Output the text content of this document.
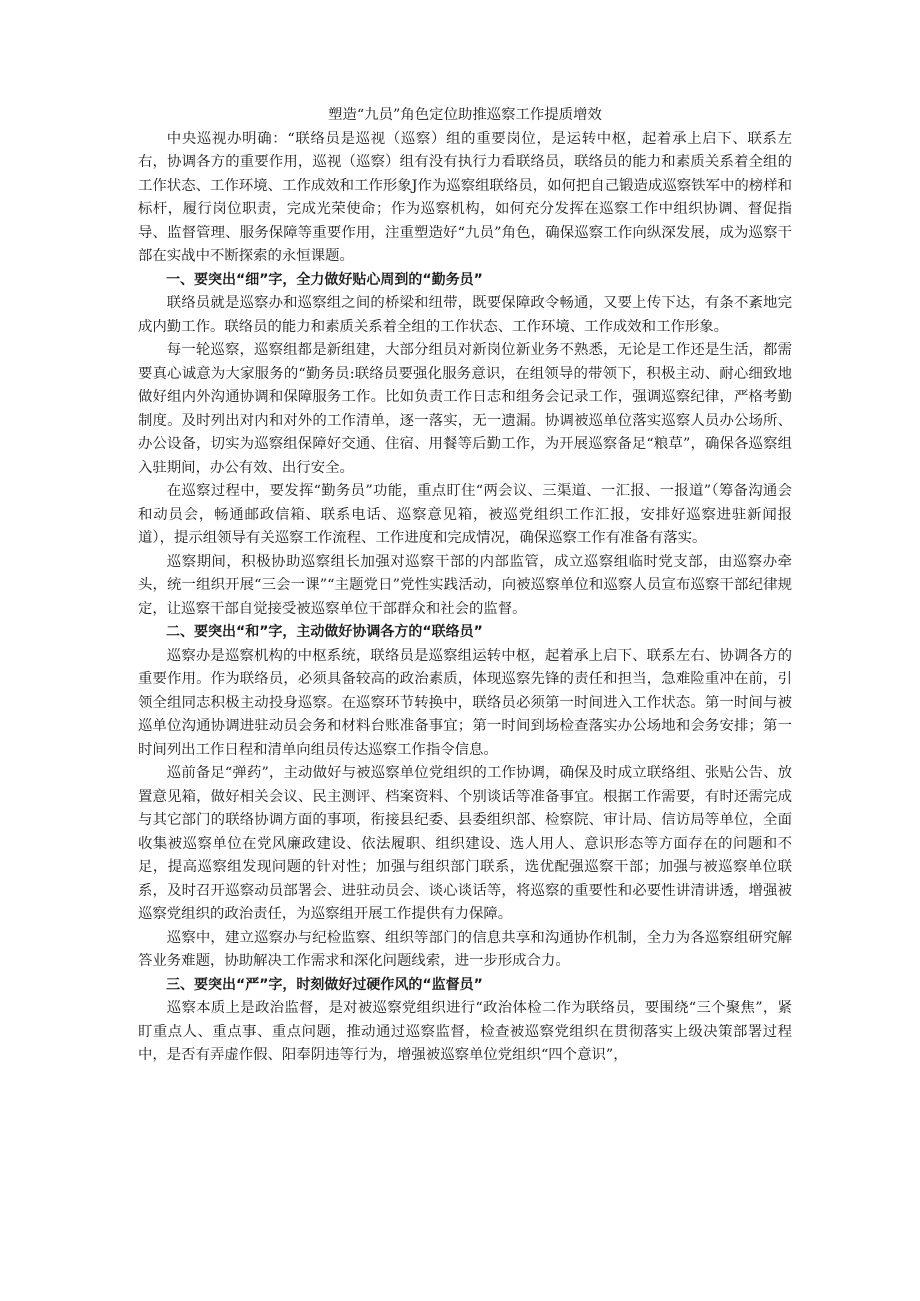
塑造“九员”角色定位助推巡察工作提质增效

中央巡视办明确：“联络员是巡视（巡察）组的重要岗位，是运转中枢，起着承上启下、联系左右，协调各方的重要作用，巡视（巡察）组有没有执行力看联络员，联络员的能力和素质关系着全组的工作状态、工作环境、工作成效和工作形象J作为巡察组联络员，如何把自己锻造成巡察铁军中的榜样和标杆，履行岗位职责，完成光荣使命；作为巡察机构，如何充分发挥在巡察工作中组织协调、督促指导、监督管理、服务保障等重要作用，注重塑造好“九员”角色，确保巡察工作向纵深发展，成为巡察干部在实战中不断探索的永恒课题。

一、要突出“细”字，全力做好贴心周到的“勤务员”

联络员就是巡察办和巡察组之间的桥梁和纽带，既要保障政令畅通，又要上传下达，有条不紊地完成内勤工作。联络员的能力和素质关系着全组的工作状态、工作环境、工作成效和工作形象。

每一轮巡察，巡察组都是新组建，大部分组员对新岗位新业务不熟悉，无论是工作还是生活，都需要真心诚意为大家服务的“勤务员:联络员要强化服务意识，在组领导的带领下，积极主动、耐心细致地做好组内外沟通协调和保障服务工作。比如负责工作日志和组务会记录工作，强调巡察纪律，严格考勤制度。及时列出对内和对外的工作清单，逐一落实，无一遗漏。协调被巡单位落实巡察人员办公场所、办公设备，切实为巡察组保障好交通、住宿、用餐等后勤工作，为开展巡察备足“粮草”，确保各巡察组入驻期间，办公有效、出行安全。

在巡察过程中，要发挥“勤务员”功能，重点盯住“两会议、三渠道、一汇报、一报道”（筹备沟通会和动员会，畅通邮政信箱、联系电话、巡察意见箱，被巡党组织工作汇报，安排好巡察进驻新闻报道），提示组领导有关巡察工作流程、工作进度和完成情况，确保巡察工作有准备有落实。

巡察期间，积极协助巡察组长加强对巡察干部的内部监管，成立巡察组临时党支部，由巡察办牵头，统一组织开展“三会一课”“主题党日”党性实践活动，向被巡察单位和巡察人员宣布巡察干部纪律规定，让巡察干部自觉接受被巡察单位干部群众和社会的监督。

二、要突出“和”字，主动做好协调各方的“联络员”

巡察办是巡察机构的中枢系统，联络员是巡察组运转中枢，起着承上启下、联系左右、协调各方的重要作用。作为联络员，必须具备较高的政治素质，体现巡察先锋的责任和担当，急难险重冲在前，引领全组同志积极主动投身巡察。在巡察环节转换中，联络员必须第一时间进入工作状态。第一时间与被巡单位沟通协调进驻动员会务和材料台账准备事宜；第一时间到场检查落实办公场地和会务安排；第一时间列出工作日程和清单向组员传达巡察工作指令信息。

巡前备足“弹药”，主动做好与被巡察单位党组织的工作协调，确保及时成立联络组、张贴公告、放置意见箱，做好相关会议、民主测评、档案资料、个别谈话等准备事宜。根据工作需要，有时还需完成与其它部门的联络协调方面的事项，衔接县纪委、县委组织部、检察院、审计局、信访局等单位，全面收集被巡察单位在党风廉政建设、依法履职、组织建设、选人用人、意识形态等方面存在的问题和不足，提高巡察组发现问题的针对性；加强与组织部门联系，选优配强巡察干部；加强与被巡察单位联系，及时召开巡察动员部署会、进驻动员会、谈心谈话等，将巡察的重要性和必要性讲清讲透，增强被巡察党组织的政治责任，为巡察组开展工作提供有力保障。

巡察中，建立巡察办与纪检监察、组织等部门的信息共享和沟通协作机制，全力为各巡察组研究解答业务难题，协助解决工作需求和深化问题线索，进一步形成合力。

三、要突出“严”字，时刻做好过硬作风的“监督员”

巡察本质上是政治监督，是对被巡察党组织进行“政治体检二作为联络员，要围绕“三个聚焦”，紧盯重点人、重点事、重点问题，推动通过巡察监督，检查被巡察党组织在贯彻落实上级决策部署过程中，是否有弄虚作假、阳奉阴违等行为，增强被巡察单位党组织“四个意识”，
